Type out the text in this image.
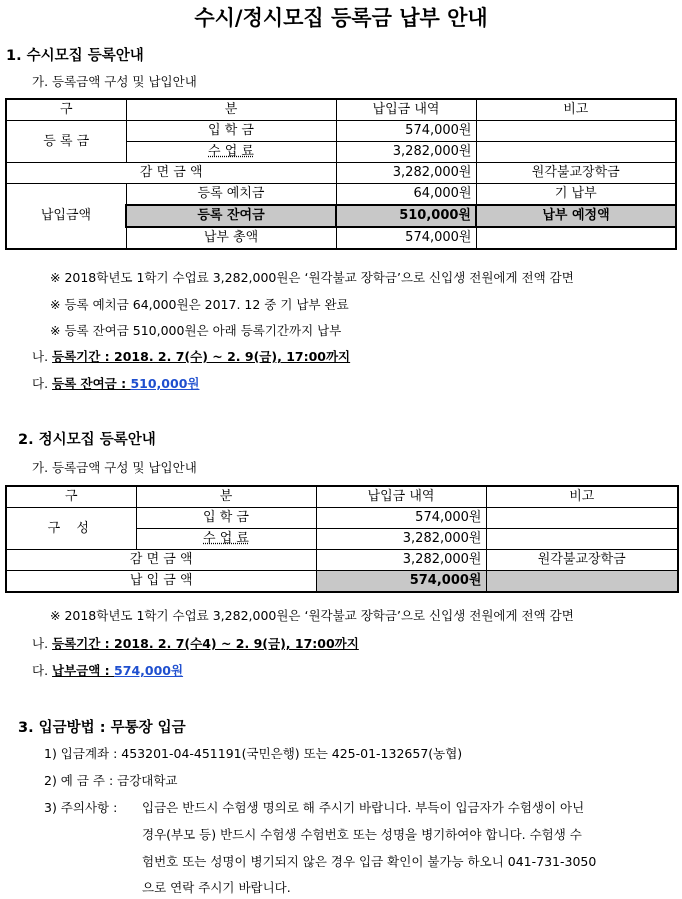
수시/정시모집 등록금 납부 안내
1. 수시모집 등록안내
가. 등록금액 구성 및 납입안내
구	분	납입금 내역	비고
등 록 금	입 학 금	574,000원	
	수 업 료	3,282,000원	
감 면 금 액		3,282,000원	원각불교장학금
납입금액	등록 예치금	64,000원	기 납부
	등록 잔여금	510,000원	납부 예정액
	납부 총액	574,000원	
※ 2018학년도 1학기 수업료 3,282,000원은 ‘원각불교 장학금’으로 신입생 전원에게 전액 감면
※ 등록 예치금 64,000원은 2017. 12 중 기 납부 완료
※ 등록 잔여금 510,000원은 아래 등록기간까지 납부
나. 등록기간 : 2018. 2. 7(수) ~ 2. 9(금), 17:00까지
다. 등록 잔여금 : 510,000원
2. 정시모집 등록안내
가. 등록금액 구성 및 납입안내
구	분	납입금 내역	비고
구 성	입 학 금	574,000원	
	수 업 료	3,282,000원	
감 면 금 액		3,282,000원	원각불교장학금
납 입 금 액		574,000원	
※ 2018학년도 1학기 수업료 3,282,000원은 ‘원각불교 장학금’으로 신입생 전원에게 전액 감면
나. 등록기간 : 2018. 2. 7(수4) ~ 2. 9(금), 17:00까지
다. 납부금액 : 574,000원
3. 입금방법 : 무통장 입금
1) 입금계좌 : 453201-04-451191(국민은행) 또는 425-01-132657(농협)
2) 예 금 주 : 금강대학교
3) 주의사항 : 입금은 반드시 수험생 명의로 해 주시기 바랍니다. 부득이 입금자가 수험생이 아닌
경우(부모 등) 반드시 수험생 수험번호 또는 성명을 병기하여야 합니다. 수험생 수
험번호 또는 성명이 병기되지 않은 경우 입금 확인이 불가능 하오니 041-731-3050
으로 연락 주시기 바랍니다.
